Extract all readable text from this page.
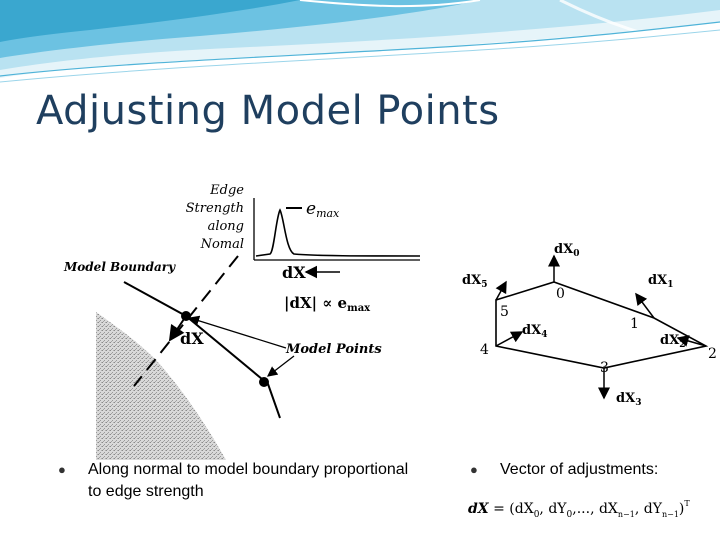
Adjusting Model Points
Edge
Strength
along
Nomal
emax
Model Boundary	dX
$|dX| \propto e_{max}$
dX
Model Points
0
1
2
3
4
5
$dX_0$
$dX_1$
$dX_2$
$dX_3$
$dX_4$
$dX_5$
● Along normal to model boundary proportional
to edge strength
● Vector of adjustments:
dX = ($dX_0$, $dY_0$,..., $dX_{n-1}$, $dY_{n-1})^T$
